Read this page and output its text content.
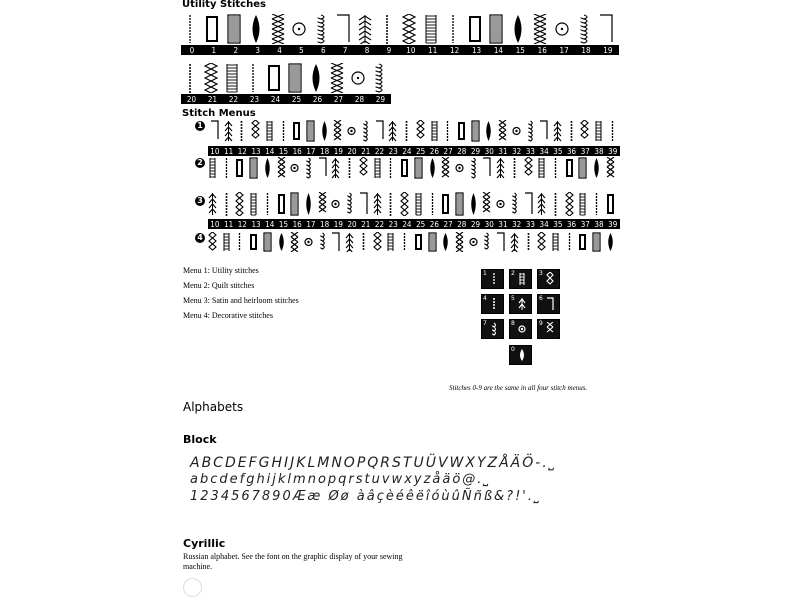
Utility Stitches
Stitch Menus
Alphabets
Block
Cyrillic
0	1	2	3	4	5	6	7	8	9	10	11	12	13	14	15	16	17	18	19
20	21	22	23	24	25	26	27	28	29
1
10 11 12 13 14 15 16 17 18 19 20 21 22 23 24 25 26 27 28 29 30 31 32 33 34 35 36 37 38 39
2
3
10 11 12 13 14 15 16 17 18 19 20 21 22 23 24 25 26 27 28 29 30 31 32 33 34 35 36 37 38 39
4
Menu 1: Utility stitches
Menu 2: Quilt stitches
Menu 3: Satin and heirloom stitches
Menu 4: Decorative stitches
1	2	3
4	5	6
7	8	9
0
Stitches 0-9 are the same in all four stitch menus.
ABCDEFGHIJKLMNOPQRSTUÜVWXYZÅÄÖ-.⎵
abcdefghijklmnopqrstuvwxyzåäö@.⎵
1234567890Ææ Øø àâçèéêëîóùûÑñß&?!'.⎵
Russian alphabet. See the font on the graphic display of your sewing machine.
